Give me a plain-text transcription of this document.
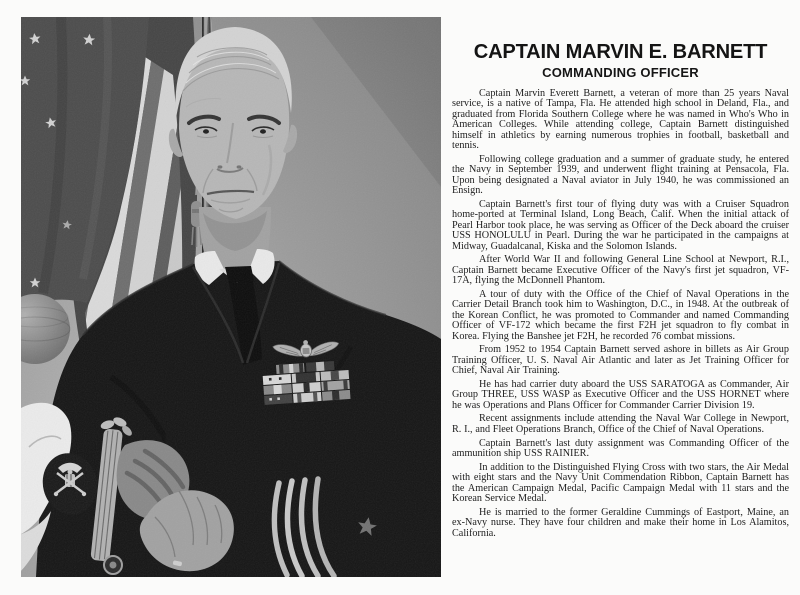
CAPTAIN MARVIN E. BARNETT
COMMANDING OFFICER

Captain Marvin Everett Barnett, a veteran of more than 25 years Naval service, is a native of Tampa, Fla. He attended high school in Deland, Fla., and graduated from Florida Southern College where he was named in Who's Who in American Colleges. While attending college, Captain Barnett distinguished himself in athletics by earning numerous trophies in football, basketball and tennis.

Following college graduation and a summer of graduate study, he entered the Navy in September 1939, and underwent flight training at Pensacola, Fla. Upon being designated a Naval aviator in July 1940, he was commissioned an Ensign.

Captain Barnett's first tour of flying duty was with a Cruiser Squadron home-ported at Terminal Island, Long Beach, Calif. When the initial attack of Pearl Harbor took place, he was serving as Officer of the Deck aboard the cruiser USS HONOLULU in Pearl. During the war he participated in the campaigns at Midway, Guadalcanal, Kiska and the Solomon Islands.

After World War II and following General Line School at Newport, R.I., Captain Barnett became Executive Officer of the Navy's first jet squadron, VF-17A, flying the McDonnell Phantom.

A tour of duty with the Office of the Chief of Naval Operations in the Carrier Detail Branch took him to Washington, D.C., in 1948. At the outbreak of the Korean Conflict, he was promoted to Commander and named Commanding Officer of VF-172 which became the first F2H jet squadron to fly combat in Korea. Flying the Banshee jet F2H, he recorded 76 combat missions.

From 1952 to 1954 Captain Barnett served ashore in billets as Air Group Training Officer, U. S. Naval Air Atlantic and later as Jet Training Officer for Chief, Naval Air Training.

He has had carrier duty aboard the USS SARATOGA as Commander, Air Group THREE, USS WASP as Executive Officer and the USS HORNET where he was Operations and Plans Officer for Commander Carrier Division 19.

Recent assignments include attending the Naval War College in Newport, R. I., and Fleet Operations Branch, Office of the Chief of Naval Operations.

Captain Barnett's last duty assignment was Commanding Officer of the ammunition ship USS RAINIER.

In addition to the Distinguished Flying Cross with two stars, the Air Medal with eight stars and the Navy Unit Commendation Ribbon, Captain Barnett has the American Campaign Medal, Pacific Campaign Medal with 11 stars and the Korean Service Medal.

He is married to the former Geraldine Cummings of Eastport, Maine, an ex-Navy nurse. They have four children and make their home in Los Alamitos, California.
